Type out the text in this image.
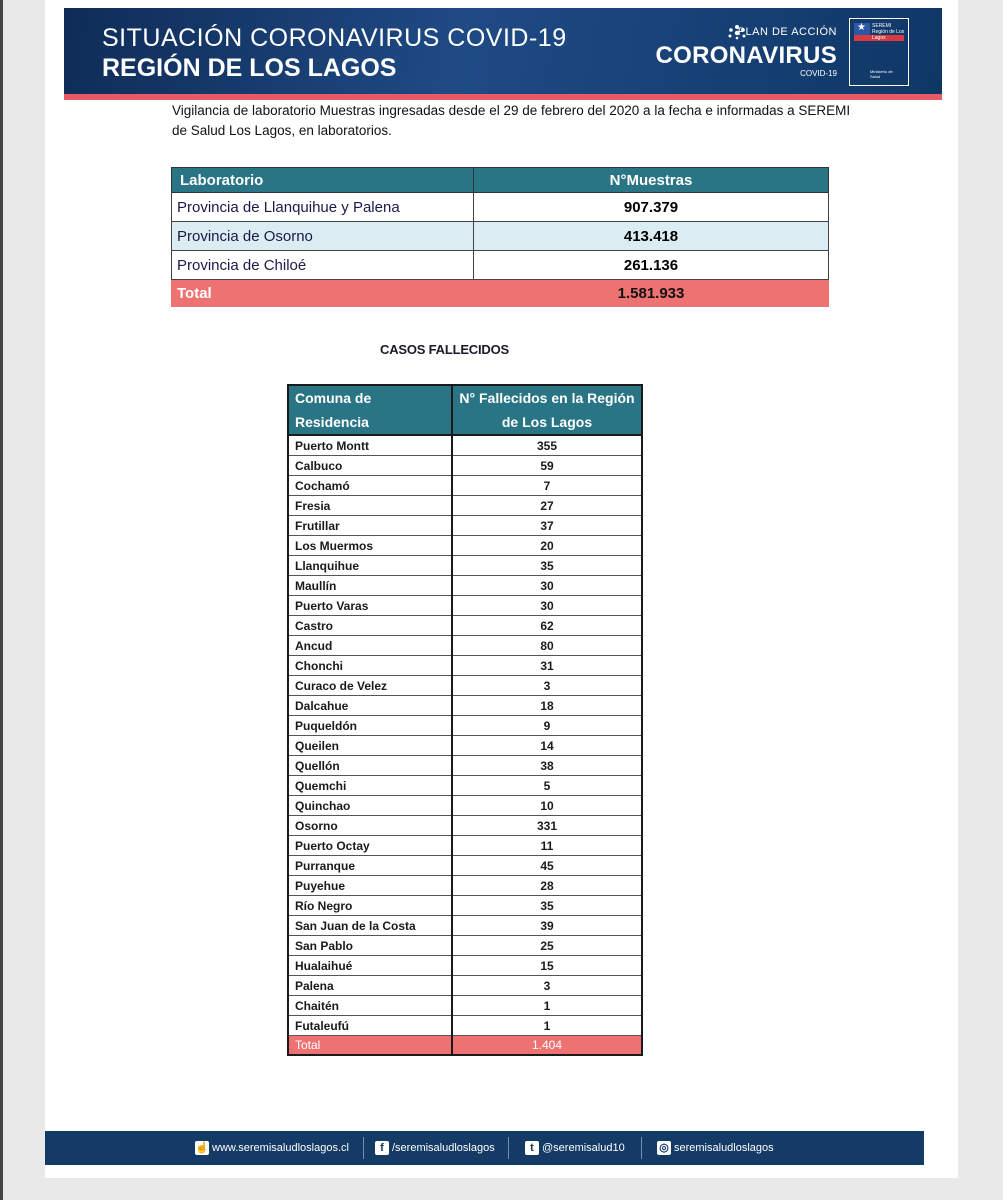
SITUACIÓN CORONAVIRUS COVID-19
REGIÓN DE LOS LAGOS
PLAN DE ACCIÓN
CORONAVIRUS
COVID-19
★ SEREMI Región de Los Lagos
Ministerio de Salud
Vigilancia de laboratorio Muestras ingresadas desde el 29 de febrero del 2020 a la fecha e informadas a SEREMI de Salud Los Lagos, en laboratorios.
Laboratorio	N°Muestras
Provincia de Llanquihue y Palena	907.379
Provincia de Osorno	413.418
Provincia de Chiloé	261.136
Total	1.581.933
CASOS FALLECIDOS
Comuna de Residencia	N° Fallecidos en la Región de Los Lagos
Puerto Montt	355
Calbuco	59
Cochamó	7
Fresia	27
Frutillar	37
Los Muermos	20
Llanquihue	35
Maullín	30
Puerto Varas	30
Castro	62
Ancud	80
Chonchi	31
Curaco de Velez	3
Dalcahue	18
Puqueldón	9
Queilen	14
Quellón	38
Quemchi	5
Quinchao	10
Osorno	331
Puerto Octay	11
Purranque	45
Puyehue	28
Río Negro	35
San Juan de la Costa	39
San Pablo	25
Hualaihué	15
Palena	3
Chaitén	1
Futaleufú	1
Total	1.404
☝ www.seremisaludloslagos.cl	f /seremisaludloslagos	t @seremisalud10	◎ seremisaludloslagos
